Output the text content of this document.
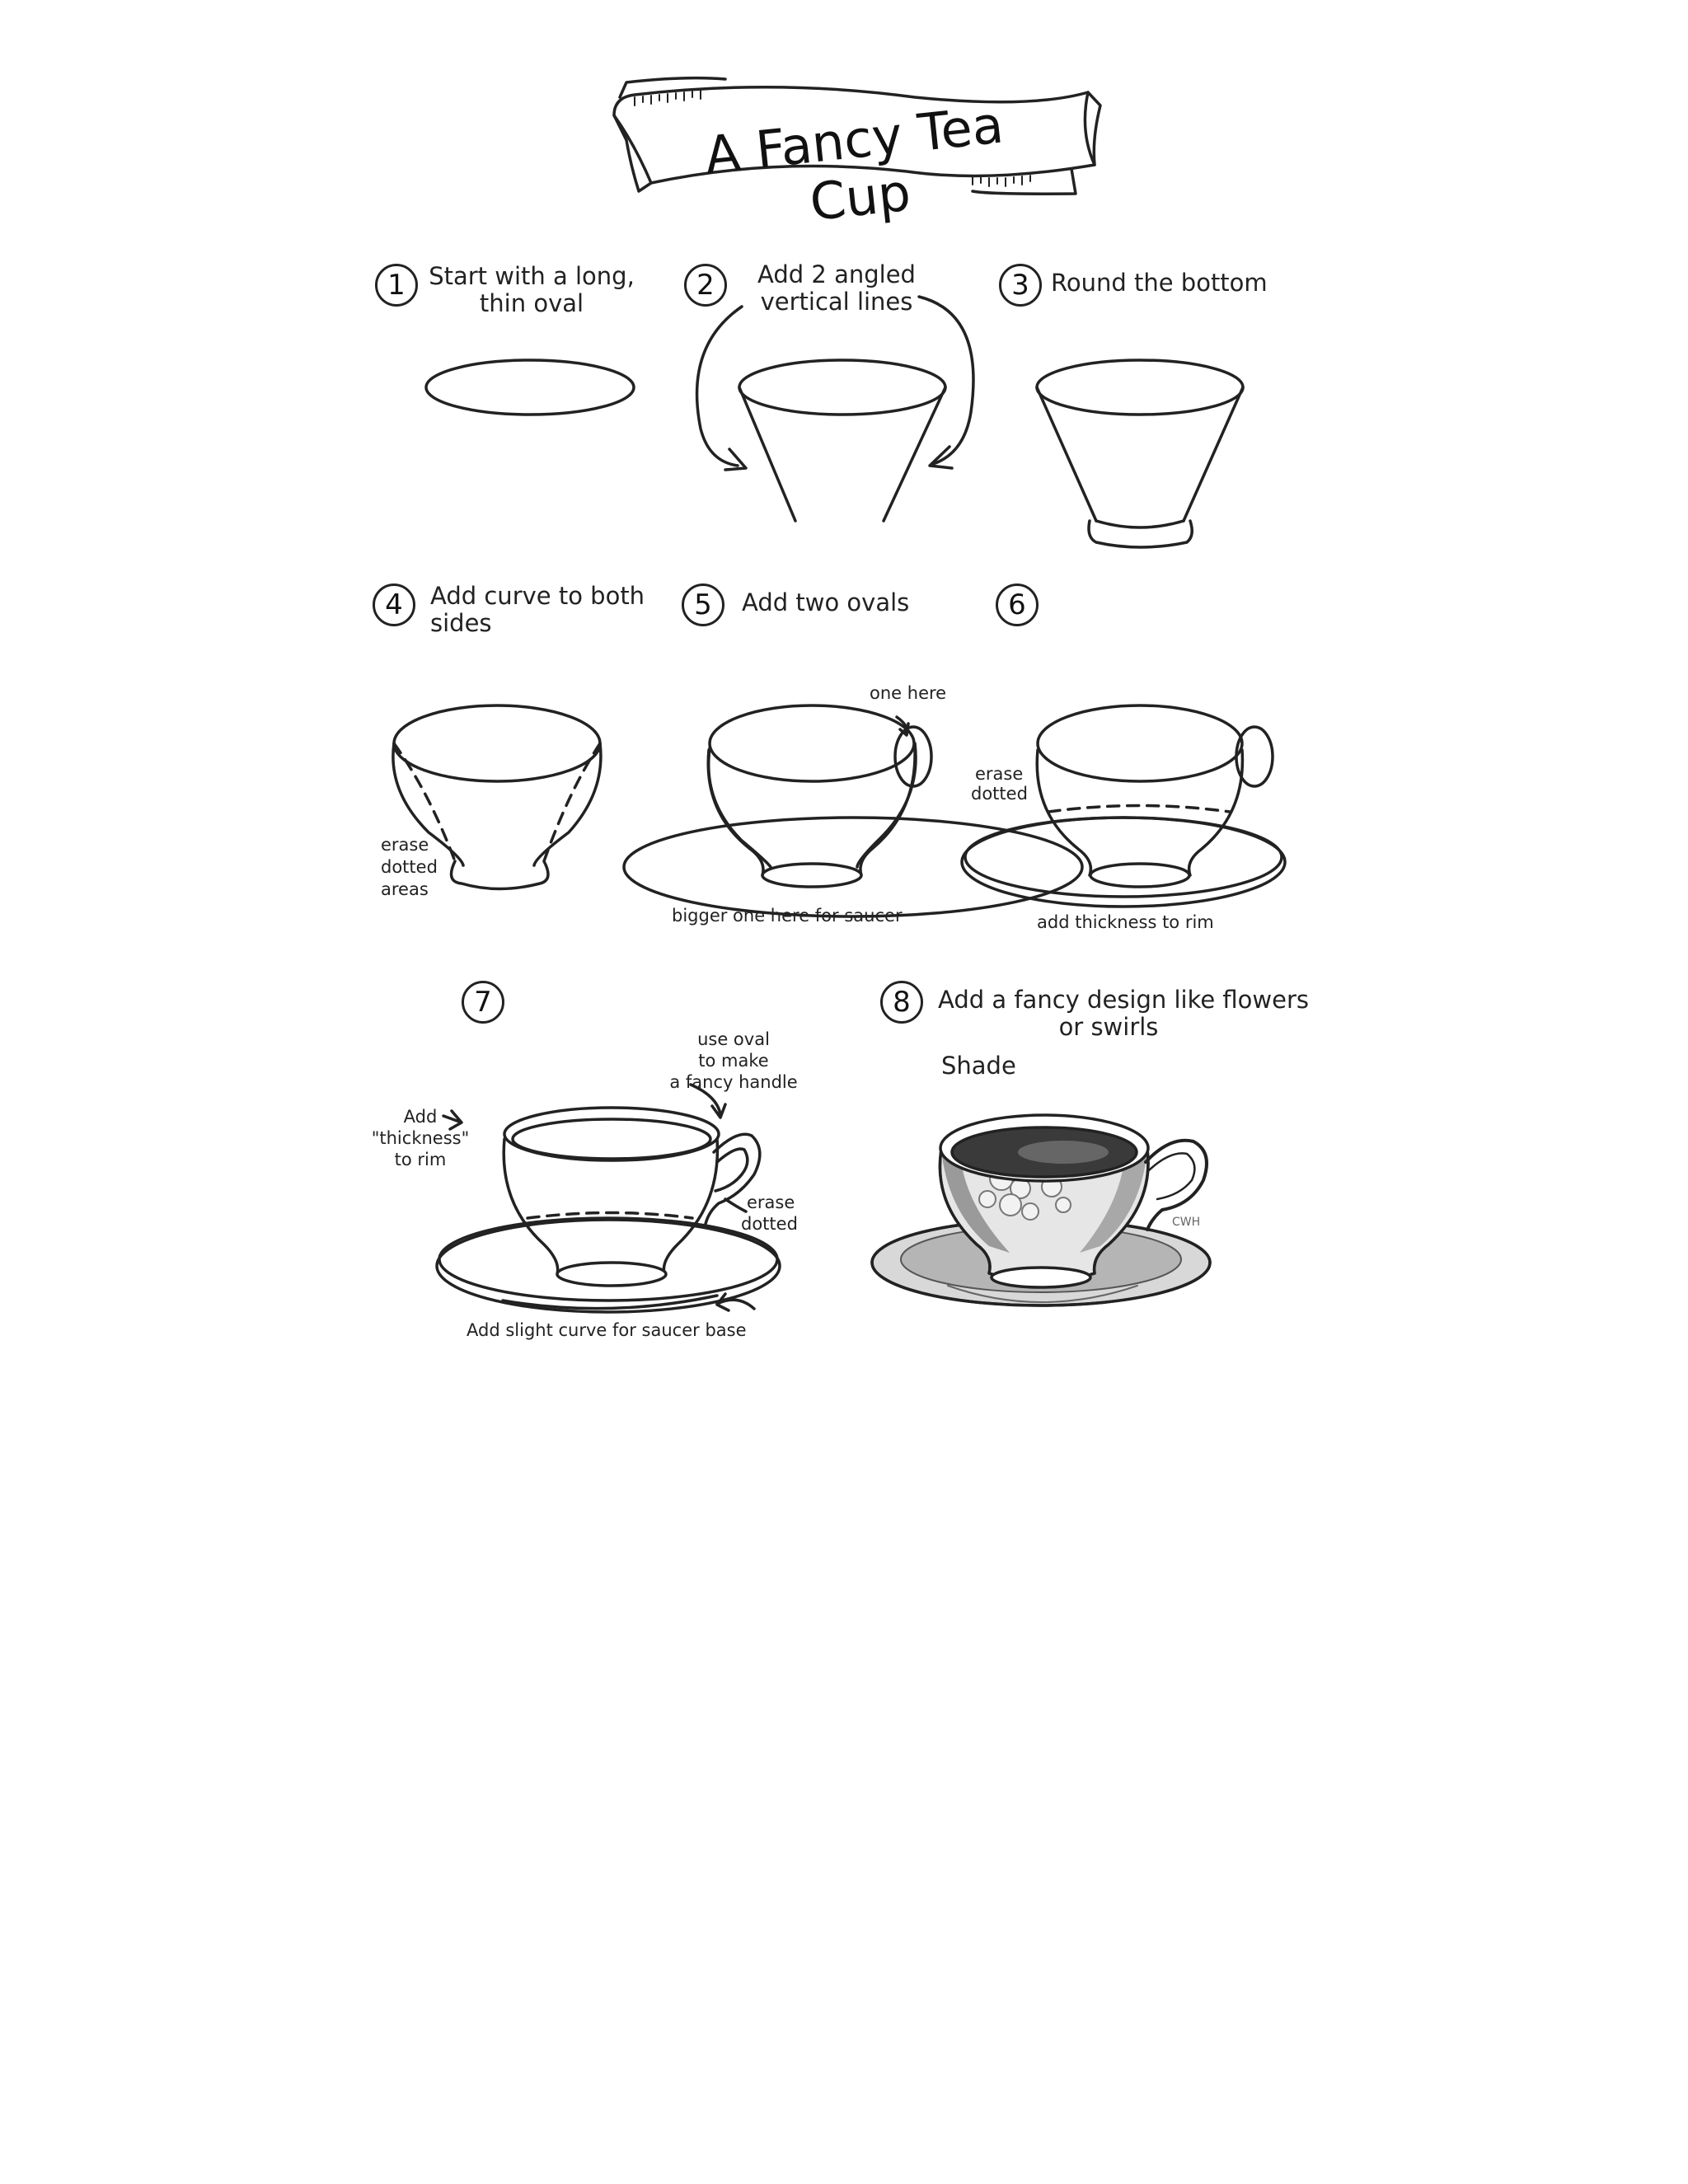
A Fancy Tea Cup
1	2	3
4	5	6
7	8
Start with a long,
thin oval
Add 2 angled
vertical lines
Round the bottom
Add curve to both
sides
Add two ovals
Add a fancy design like flowers
or swirls
Shade
erase
dotted
areas
one here
bigger one here for saucer
erase
dotted
add thickness to rim
use oval
to make
a fancy handle
Add
"thickness"
to rim
erase
dotted
Add slight curve for saucer base
CWH
